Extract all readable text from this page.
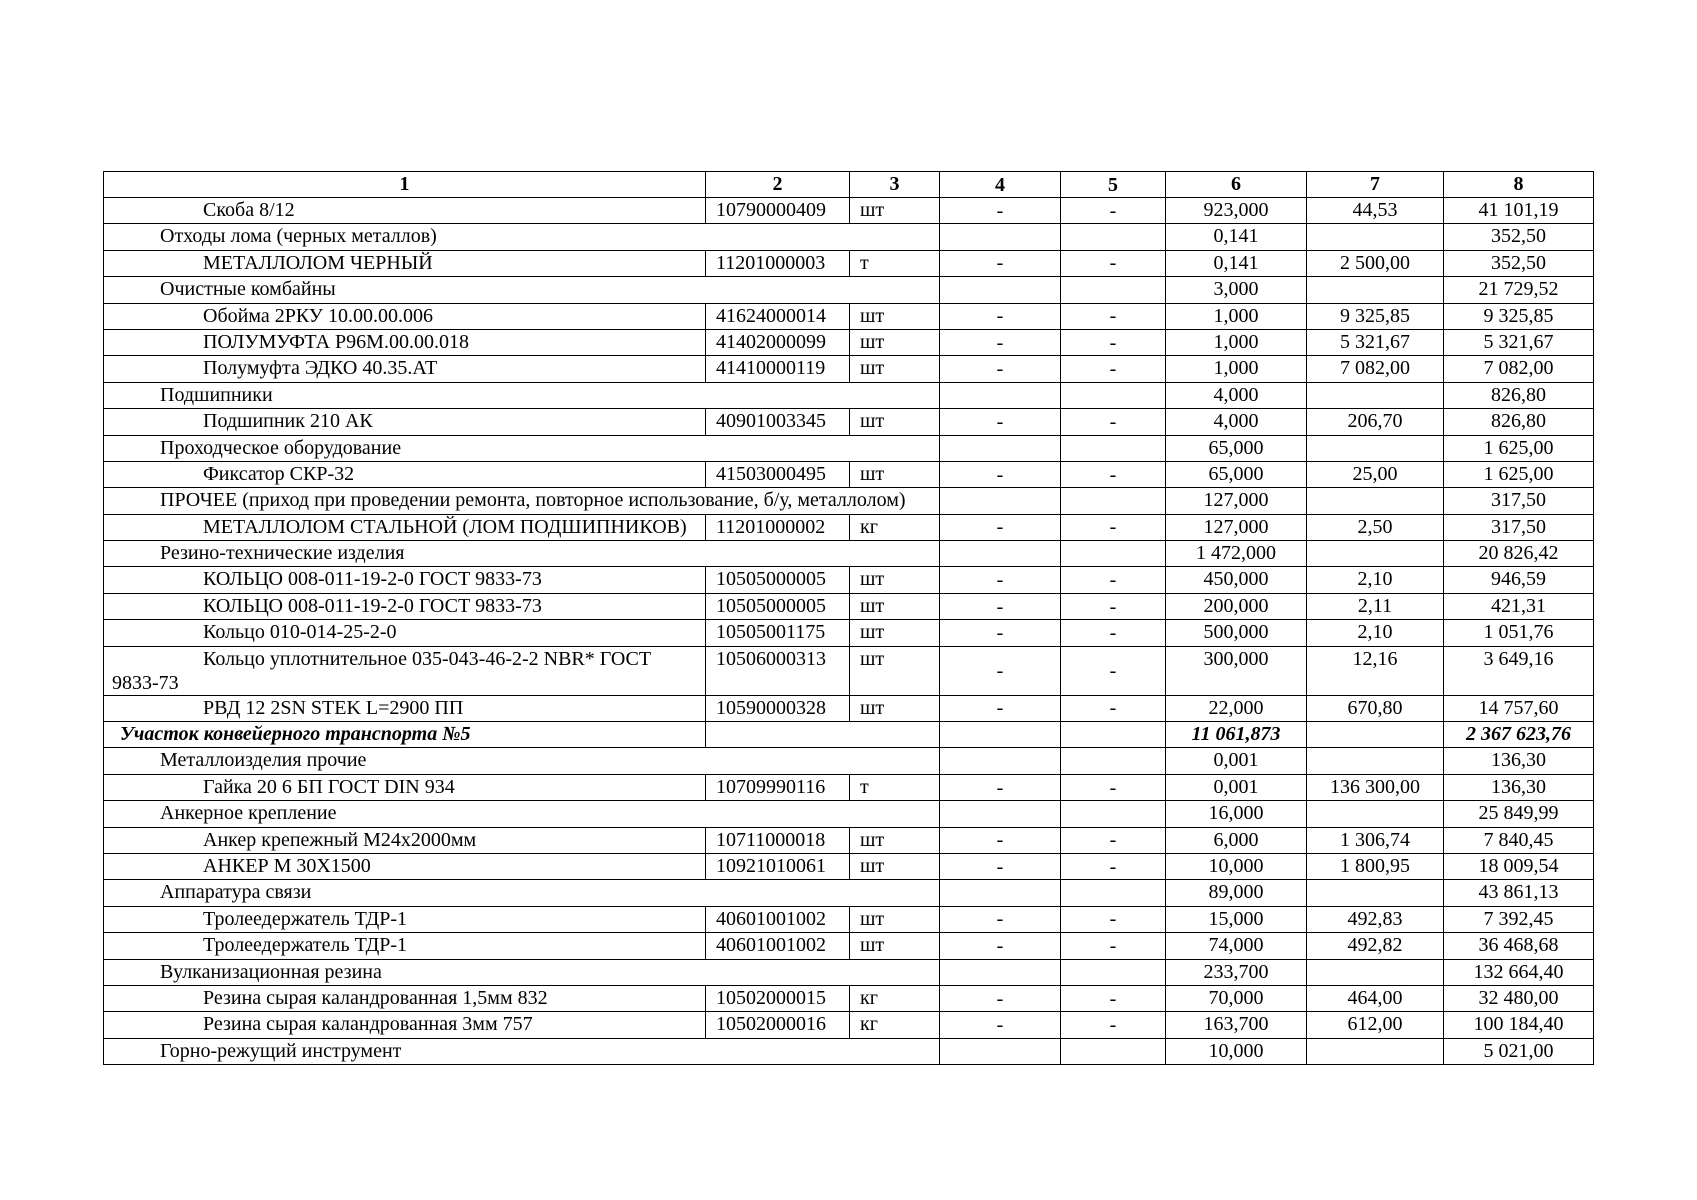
1	2	3	4	5	6	7	8
Скоба 8/12	10790000409	шт	-	-	923,000	44,53	41 101,19
Отходы лома (черных металлов)					0,141		352,50
МЕТАЛЛОЛОМ ЧЕРНЫЙ	11201000003	т	-	-	0,141	2 500,00	352,50
Очистные комбайны					3,000		21 729,52
Обойма 2РКУ 10.00.00.006	41624000014	шт	-	-	1,000	9 325,85	9 325,85
ПОЛУМУФТА Р96М.00.00.018	41402000099	шт	-	-	1,000	5 321,67	5 321,67
Полумуфта ЭДКО 40.35.АТ	41410000119	шт	-	-	1,000	7 082,00	7 082,00
Подшипники					4,000		826,80
Подшипник 210 АК	40901003345	шт	-	-	4,000	206,70	826,80
Проходческое оборудование					65,000		1 625,00
Фиксатор СКР-32	41503000495	шт	-	-	65,000	25,00	1 625,00
ПРОЧЕЕ (приход при проведении ремонта, повторное использование, б/у, металлолом)					127,000		317,50
МЕТАЛЛОЛОМ СТАЛЬНОЙ (ЛОМ ПОДШИПНИКОВ)	11201000002	кг	-	-	127,000	2,50	317,50
Резино-технические изделия					1 472,000		20 826,42
КОЛЬЦО 008-011-19-2-0 ГОСТ 9833-73	10505000005	шт	-	-	450,000	2,10	946,59
КОЛЬЦО 008-011-19-2-0 ГОСТ 9833-73	10505000005	шт	-	-	200,000	2,11	421,31
Кольцо 010-014-25-2-0	10505001175	шт	-	-	500,000	2,10	1 051,76
Кольцо уплотнительное 035-043-46-2-2 NBR* ГОСТ 9833-73	10506000313	шт	-	-	300,000	12,16	3 649,16
РВД 12 2SN STEK L=2900 ПП	10590000328	шт	-	-	22,000	670,80	14 757,60
Участок конвейерного транспорта №5					11 061,873		2 367 623,76
Металлоизделия прочие					0,001		136,30
Гайка 20 6 БП ГОСТ DIN 934	10709990116	т	-	-	0,001	136 300,00	136,30
Анкерное крепление					16,000		25 849,99
Анкер крепежный М24х2000мм	10711000018	шт	-	-	6,000	1 306,74	7 840,45
АНКЕР М 30Х1500	10921010061	шт	-	-	10,000	1 800,95	18 009,54
Аппаратура связи					89,000		43 861,13
Тролеедержатель ТДР-1	40601001002	шт	-	-	15,000	492,83	7 392,45
Тролеедержатель ТДР-1	40601001002	шт	-	-	74,000	492,82	36 468,68
Вулканизационная резина					233,700		132 664,40
Резина сырая каландрованная 1,5мм 832	10502000015	кг	-	-	70,000	464,00	32 480,00
Резина сырая каландрованная 3мм 757	10502000016	кг	-	-	163,700	612,00	100 184,40
Горно-режущий инструмент					10,000		5 021,00
